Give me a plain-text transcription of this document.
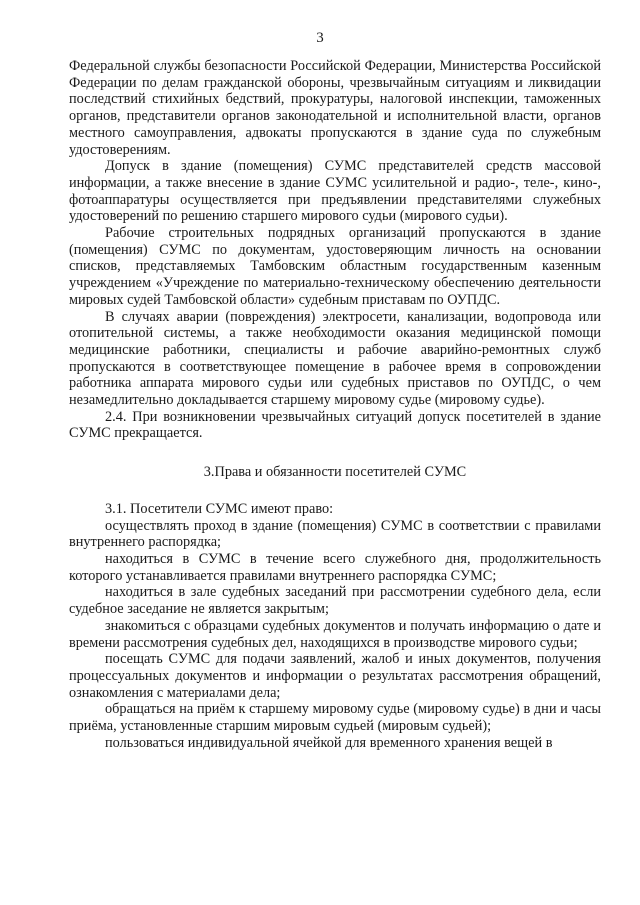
3

Федеральной службы безопасности Российской Федерации, Министерства Российской Федерации по делам гражданской обороны, чрезвычайным ситуациям и ликвидации последствий стихийных бедствий, прокуратуры, налоговой инспекции, таможенных органов, представители органов законодательной и исполнительной власти, органов местного самоуправления, адвокаты пропускаются в здание суда по служебным удостоверениям.

Допуск в здание (помещения) СУМС представителей средств массовой информации, а также внесение в здание СУМС усилительной и радио-, теле-, кино-, фотоаппаратуры осуществляется при предъявлении представителями служебных удостоверений по решению старшего мирового судьи (мирового судьи).

Рабочие строительных подрядных организаций пропускаются в здание (помещения) СУМС по документам, удостоверяющим личность на основании списков, представляемых Тамбовским областным государственным казенным учреждением «Учреждение по материально-техническому обеспечению деятельности мировых судей Тамбовской области» судебным приставам по ОУПДС.

В случаях аварии (повреждения) электросети, канализации, водопровода или отопительной системы, а также необходимости оказания медицинской помощи медицинские работники, специалисты и рабочие аварийно-ремонтных служб пропускаются в соответствующее помещение в рабочее время в сопровождении работника аппарата мирового судьи или судебных приставов по ОУПДС, о чем незамедлительно докладывается старшему мировому судье (мировому судье).

2.4. При возникновении чрезвычайных ситуаций допуск посетителей в здание СУМС прекращается.

3.Права и обязанности посетителей СУМС

3.1. Посетители СУМС имеют право:

осуществлять проход в здание (помещения) СУМС в соответствии с правилами внутреннего распорядка;

находиться в СУМС в течение всего служебного дня, продолжительность которого устанавливается правилами внутреннего распорядка СУМС;

находиться в зале судебных заседаний при рассмотрении судебного дела, если судебное заседание не является закрытым;

знакомиться с образцами судебных документов и получать информацию о дате и времени рассмотрения судебных дел, находящихся в производстве мирового судьи;

посещать СУМС для подачи заявлений, жалоб и иных документов, получения процессуальных документов и информации о результатах рассмотрения обращений, ознакомления с материалами дела;

обращаться на приём к старшему мировому судье (мировому судье) в дни и часы приёма, установленные старшим мировым судьей (мировым судьей);

пользоваться индивидуальной ячейкой для временного хранения вещей в
